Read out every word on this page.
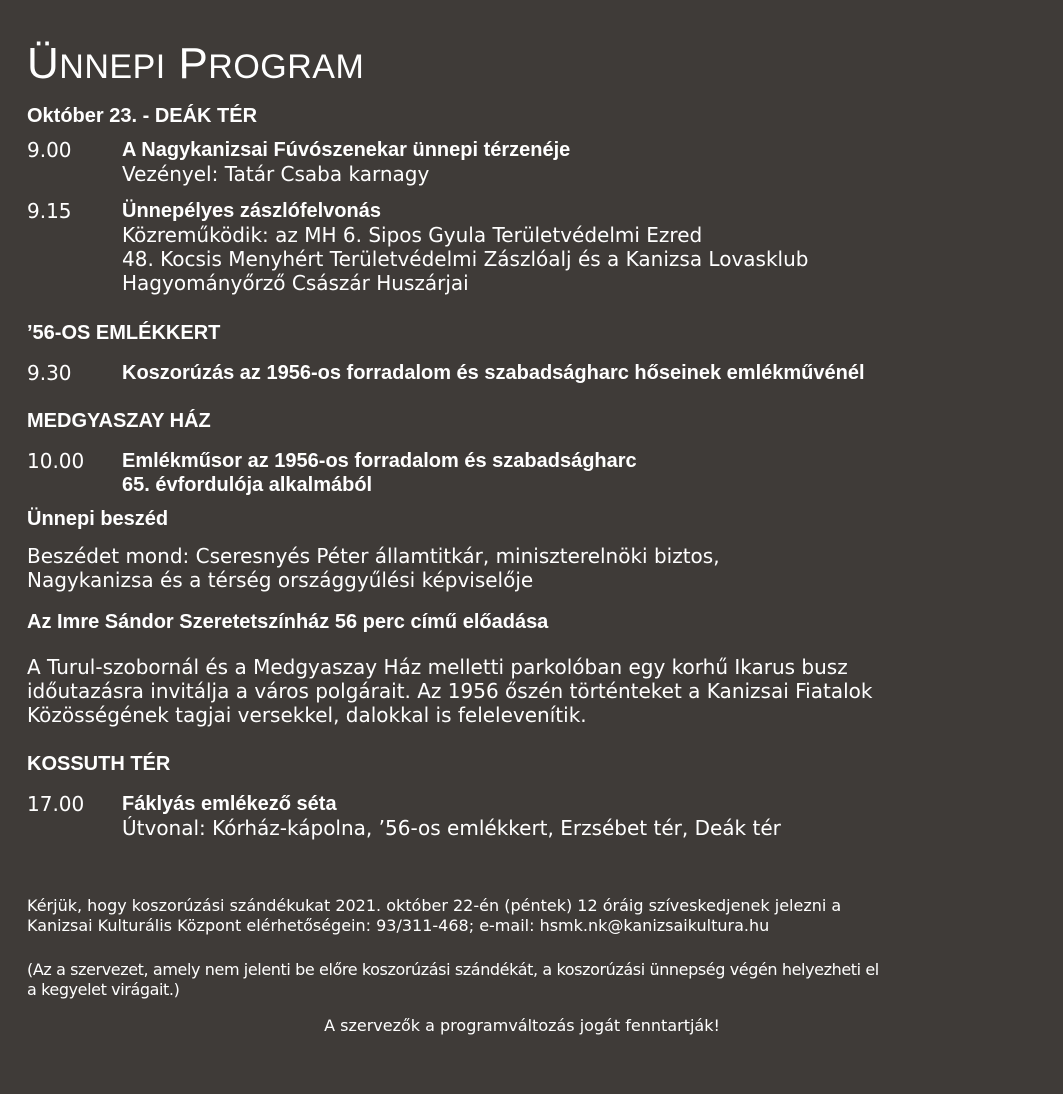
ÜNNEPI PROGRAM
Október 23. - DEÁK TÉR
9.00	A Nagykanizsai Fúvószenekar ünnepi térzenéje
Vezényel: Tatár Csaba karnagy
9.15	Ünnepélyes zászlófelvonás
Közreműködik: az MH 6. Sipos Gyula Területvédelmi Ezred
48. Kocsis Menyhért Területvédelmi Zászlóalj és a Kanizsa Lovasklub
Hagyományőrző Császár Huszárjai
’56-OS EMLÉKKERT
9.30	Koszorúzás az 1956-os forradalom és szabadságharc hőseinek emlékművénél
MEDGYASZAY HÁZ
10.00 Emlékműsor az 1956-os forradalom és szabadságharc
65. évfordulója alkalmából
Ünnepi beszéd
Beszédet mond: Cseresnyés Péter államtitkár, miniszterelnöki biztos,
Nagykanizsa és a térség országgyűlési képviselője
Az Imre Sándor Szeretetszínház 56 perc című előadása
A Turul-szobornál és a Medgyaszay Ház melletti parkolóban egy korhű Ikarus busz
időutazásra invitálja a város polgárait. Az 1956 őszén történteket a Kanizsai Fiatalok
Közösségének tagjai versekkel, dalokkal is felelevenítik.
KOSSUTH TÉR
17.00 Fáklyás emlékező séta
Útvonal: Kórház-kápolna, ’56-os emlékkert, Erzsébet tér, Deák tér
Kérjük, hogy koszorúzási szándékukat 2021. október 22-én (péntek) 12 óráig szíveskedjenek jelezni a
Kanizsai Kulturális Központ elérhetőségein: 93/311-468; e-mail: hsmk.nk@kanizsaikultura.hu
(Az a szervezet, amely nem jelenti be előre koszorúzási szándékát, a koszorúzási ünnepség végén helyezheti el
a kegyelet virágait.)
A szervezők a programváltozás jogát fenntartják!
